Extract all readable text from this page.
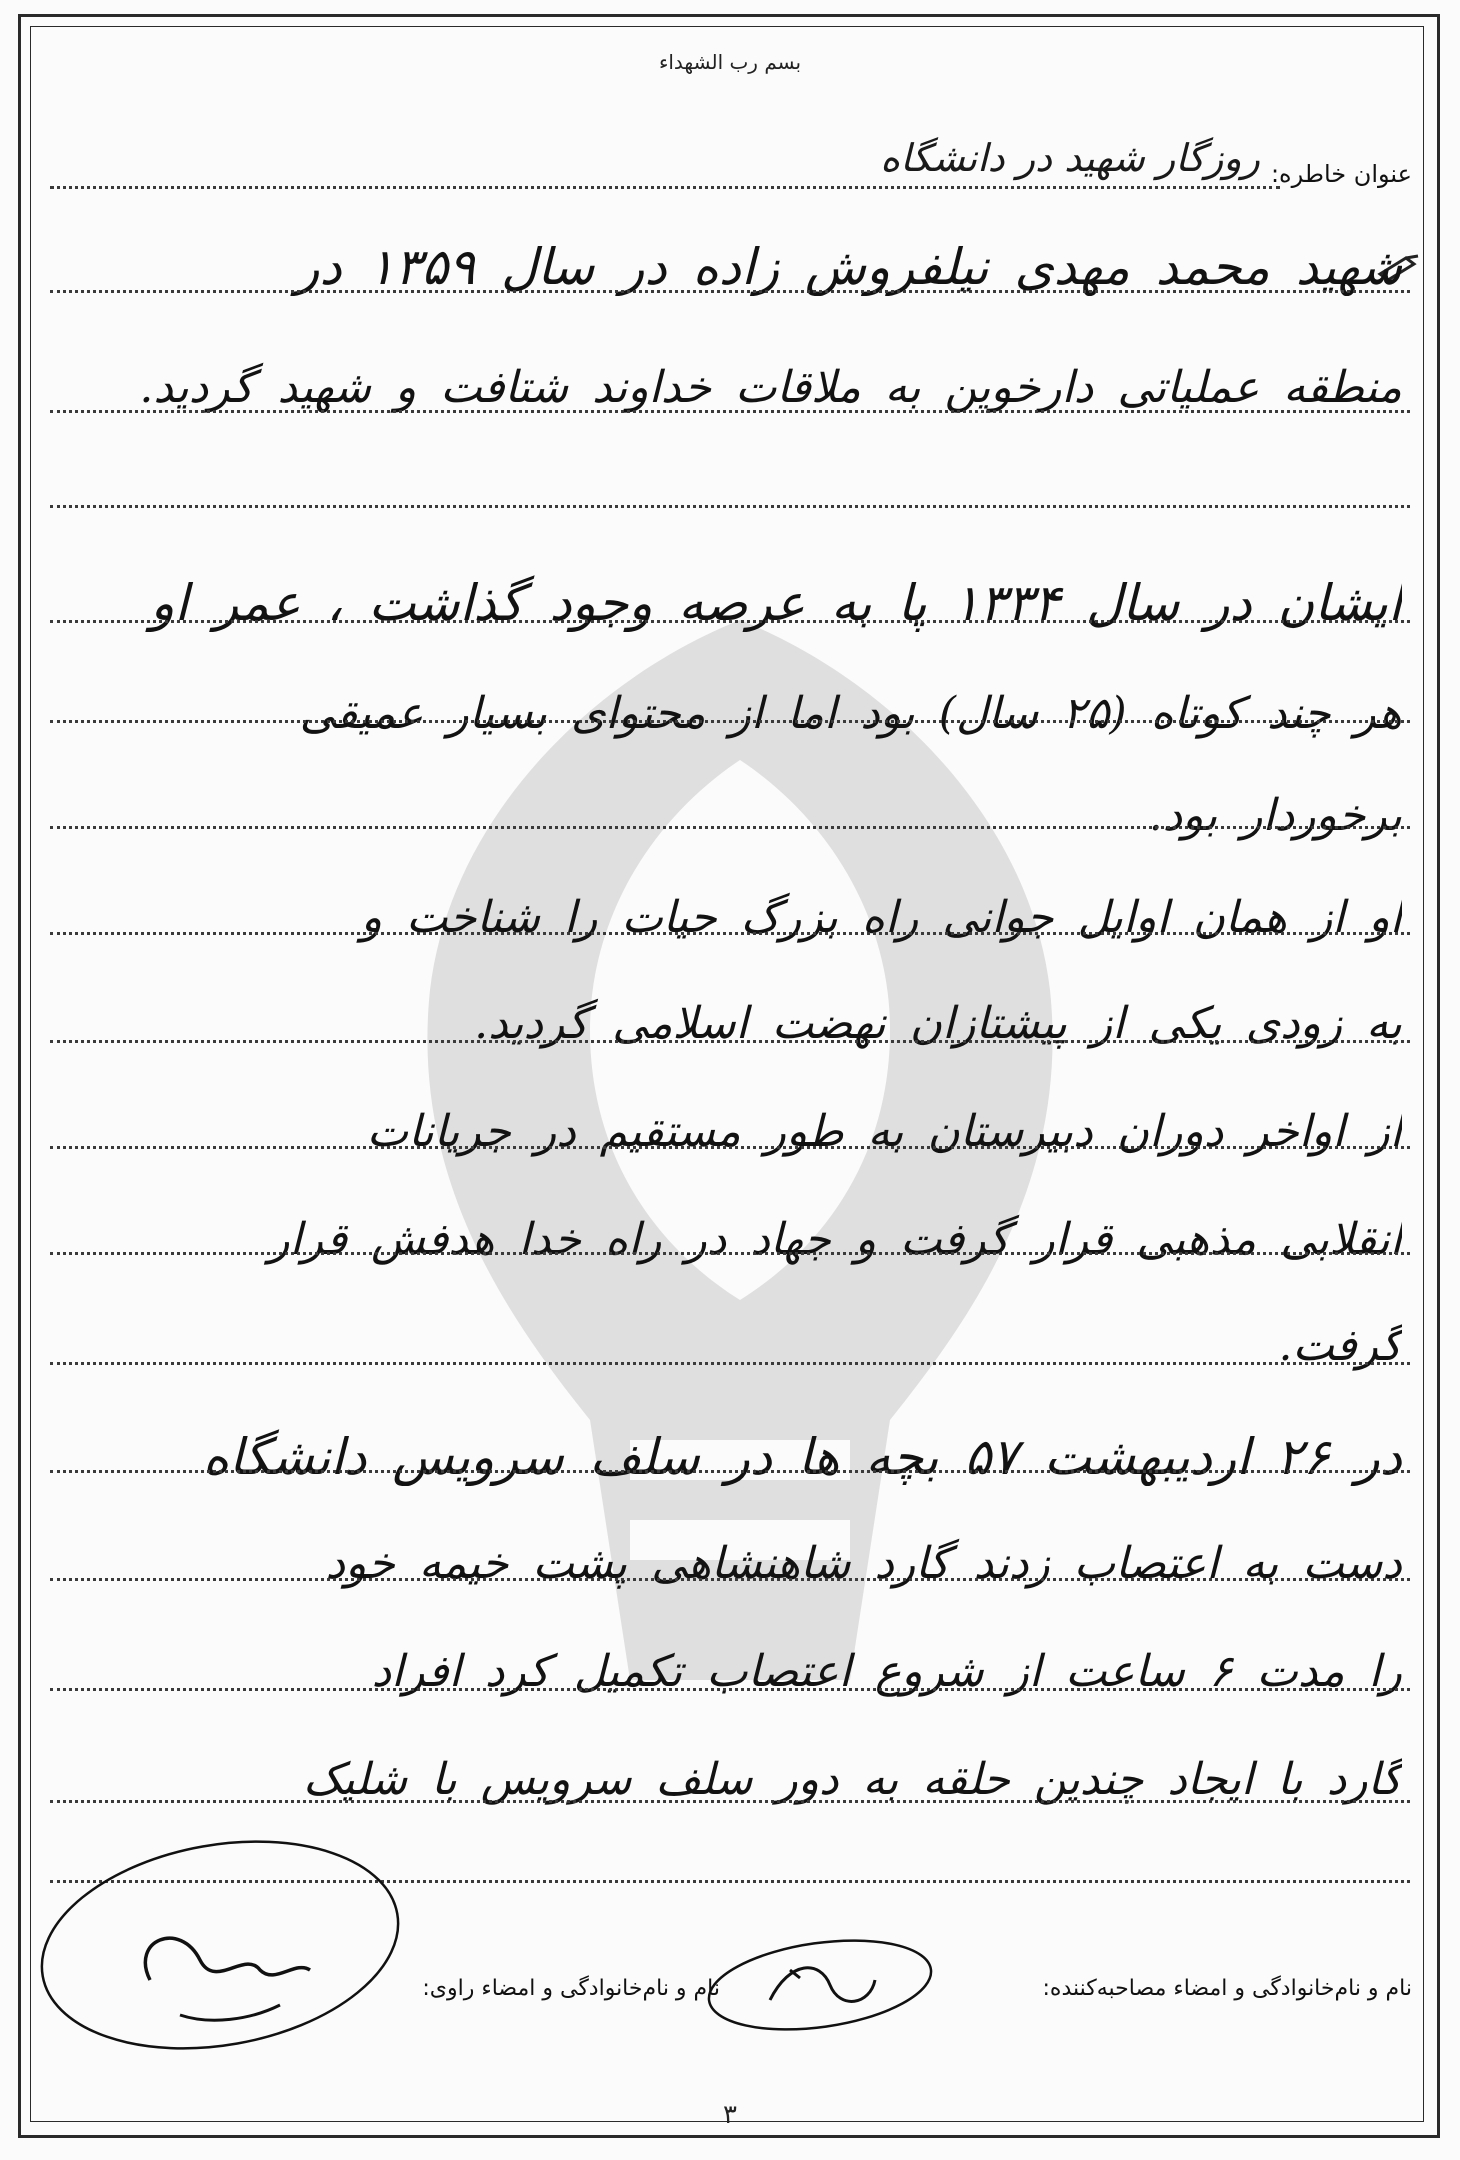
بسم رب الشهداء
عنوان خاطره:
روزگار شهید در دانشگاه
شهید محمد مهدی نیلفروش زاده در سال ۱۳۵۹ در
منطقه عملیاتی دارخوین به ملاقات خداوند شتافت و شهید گردید.
ایشان در سال ۱۳۳۴ پا به عرصه وجود گذاشت ، عمر او
هر چند کوتاه (۲۵ سال) بود اما از محتوای بسیار عمیقی
برخوردار بود.
او از همان اوایل جوانی راه بزرگ حیات را شناخت و
به زودی یکی از پیشتازان نهضت اسلامی گردید.
از اواخر دوران دبیرستان به طور مستقیم در جریانات
انقلابی مذهبی قرار گرفت و جهاد در راه خدا هدفش قرار
گرفت.
در ۲۶ اردیبهشت ۵۷ بچه ها در سلف سرویس دانشگاه
دست به اعتصاب زدند گارد شاهنشاهی پشت خیمه خود
را مدت ۶ ساعت از شروع اعتصاب تکمیل کرد افراد
گارد با ایجاد چندین حلقه به دور سلف سرویس با شلیک
نام و نام‌خانوادگی و امضاء مصاحبه‌کننده:
نام و نام‌خانوادگی و امضاء راوی:
٣
